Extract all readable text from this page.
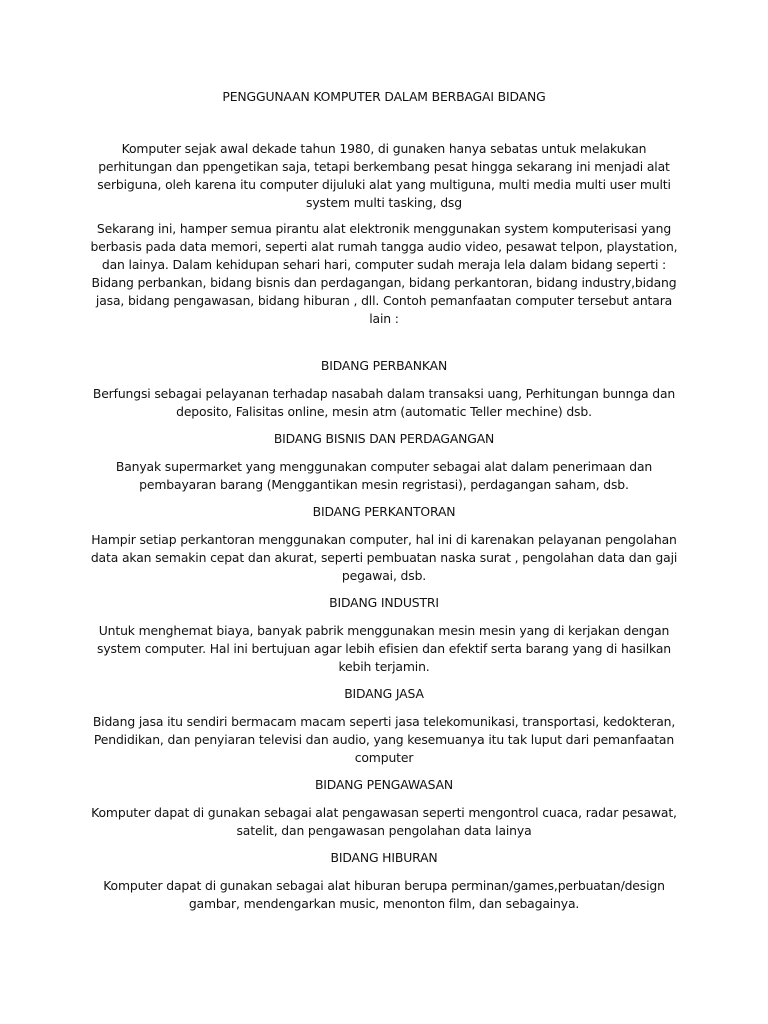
PENGGUNAAN KOMPUTER DALAM BERBAGAI BIDANG

Komputer sejak awal dekade tahun 1980, di gunaken hanya sebatas untuk melakukan perhitungan dan ppengetikan saja, tetapi berkembang pesat hingga sekarang ini menjadi alat serbiguna, oleh karena itu computer dijuluki alat yang multiguna, multi media multi user multi system multi tasking, dsg

Sekarang ini, hamper semua pirantu alat elektronik menggunakan system komputerisasi yang berbasis pada data memori, seperti alat rumah tangga audio video, pesawat telpon, playstation, dan lainya. Dalam kehidupan sehari hari, computer sudah meraja lela dalam bidang seperti : Bidang perbankan, bidang bisnis dan perdagangan, bidang perkantoran, bidang industry,bidang jasa, bidang pengawasan, bidang hiburan , dll. Contoh pemanfaatan computer tersebut antara lain :

BIDANG PERBANKAN

Berfungsi sebagai pelayanan terhadap nasabah dalam transaksi uang, Perhitungan bunnga dan deposito, Falisitas online, mesin atm (automatic Teller mechine) dsb.

BIDANG BISNIS DAN PERDAGANGAN

Banyak supermarket yang menggunakan computer sebagai alat dalam penerimaan dan pembayaran barang (Menggantikan mesin regristasi), perdagangan saham, dsb.

BIDANG PERKANTORAN

Hampir setiap perkantoran menggunakan computer, hal ini di karenakan pelayanan pengolahan data akan semakin cepat dan akurat, seperti pembuatan naska surat , pengolahan data dan gaji pegawai, dsb.

BIDANG INDUSTRI

Untuk menghemat biaya, banyak pabrik menggunakan mesin mesin yang di kerjakan dengan system computer. Hal ini bertujuan agar lebih efisien dan efektif serta barang yang di hasilkan kebih terjamin.

BIDANG JASA

Bidang jasa itu sendiri bermacam macam seperti jasa telekomunikasi, transportasi, kedokteran, Pendidikan, dan penyiaran televisi dan audio, yang kesemuanya itu tak luput dari pemanfaatan computer

BIDANG PENGAWASAN

Komputer dapat di gunakan sebagai alat pengawasan seperti mengontrol cuaca, radar pesawat, satelit, dan pengawasan pengolahan data lainya

BIDANG HIBURAN

Komputer dapat di gunakan sebagai alat hiburan berupa perminan/games,perbuatan/design gambar, mendengarkan music, menonton film, dan sebagainya.
